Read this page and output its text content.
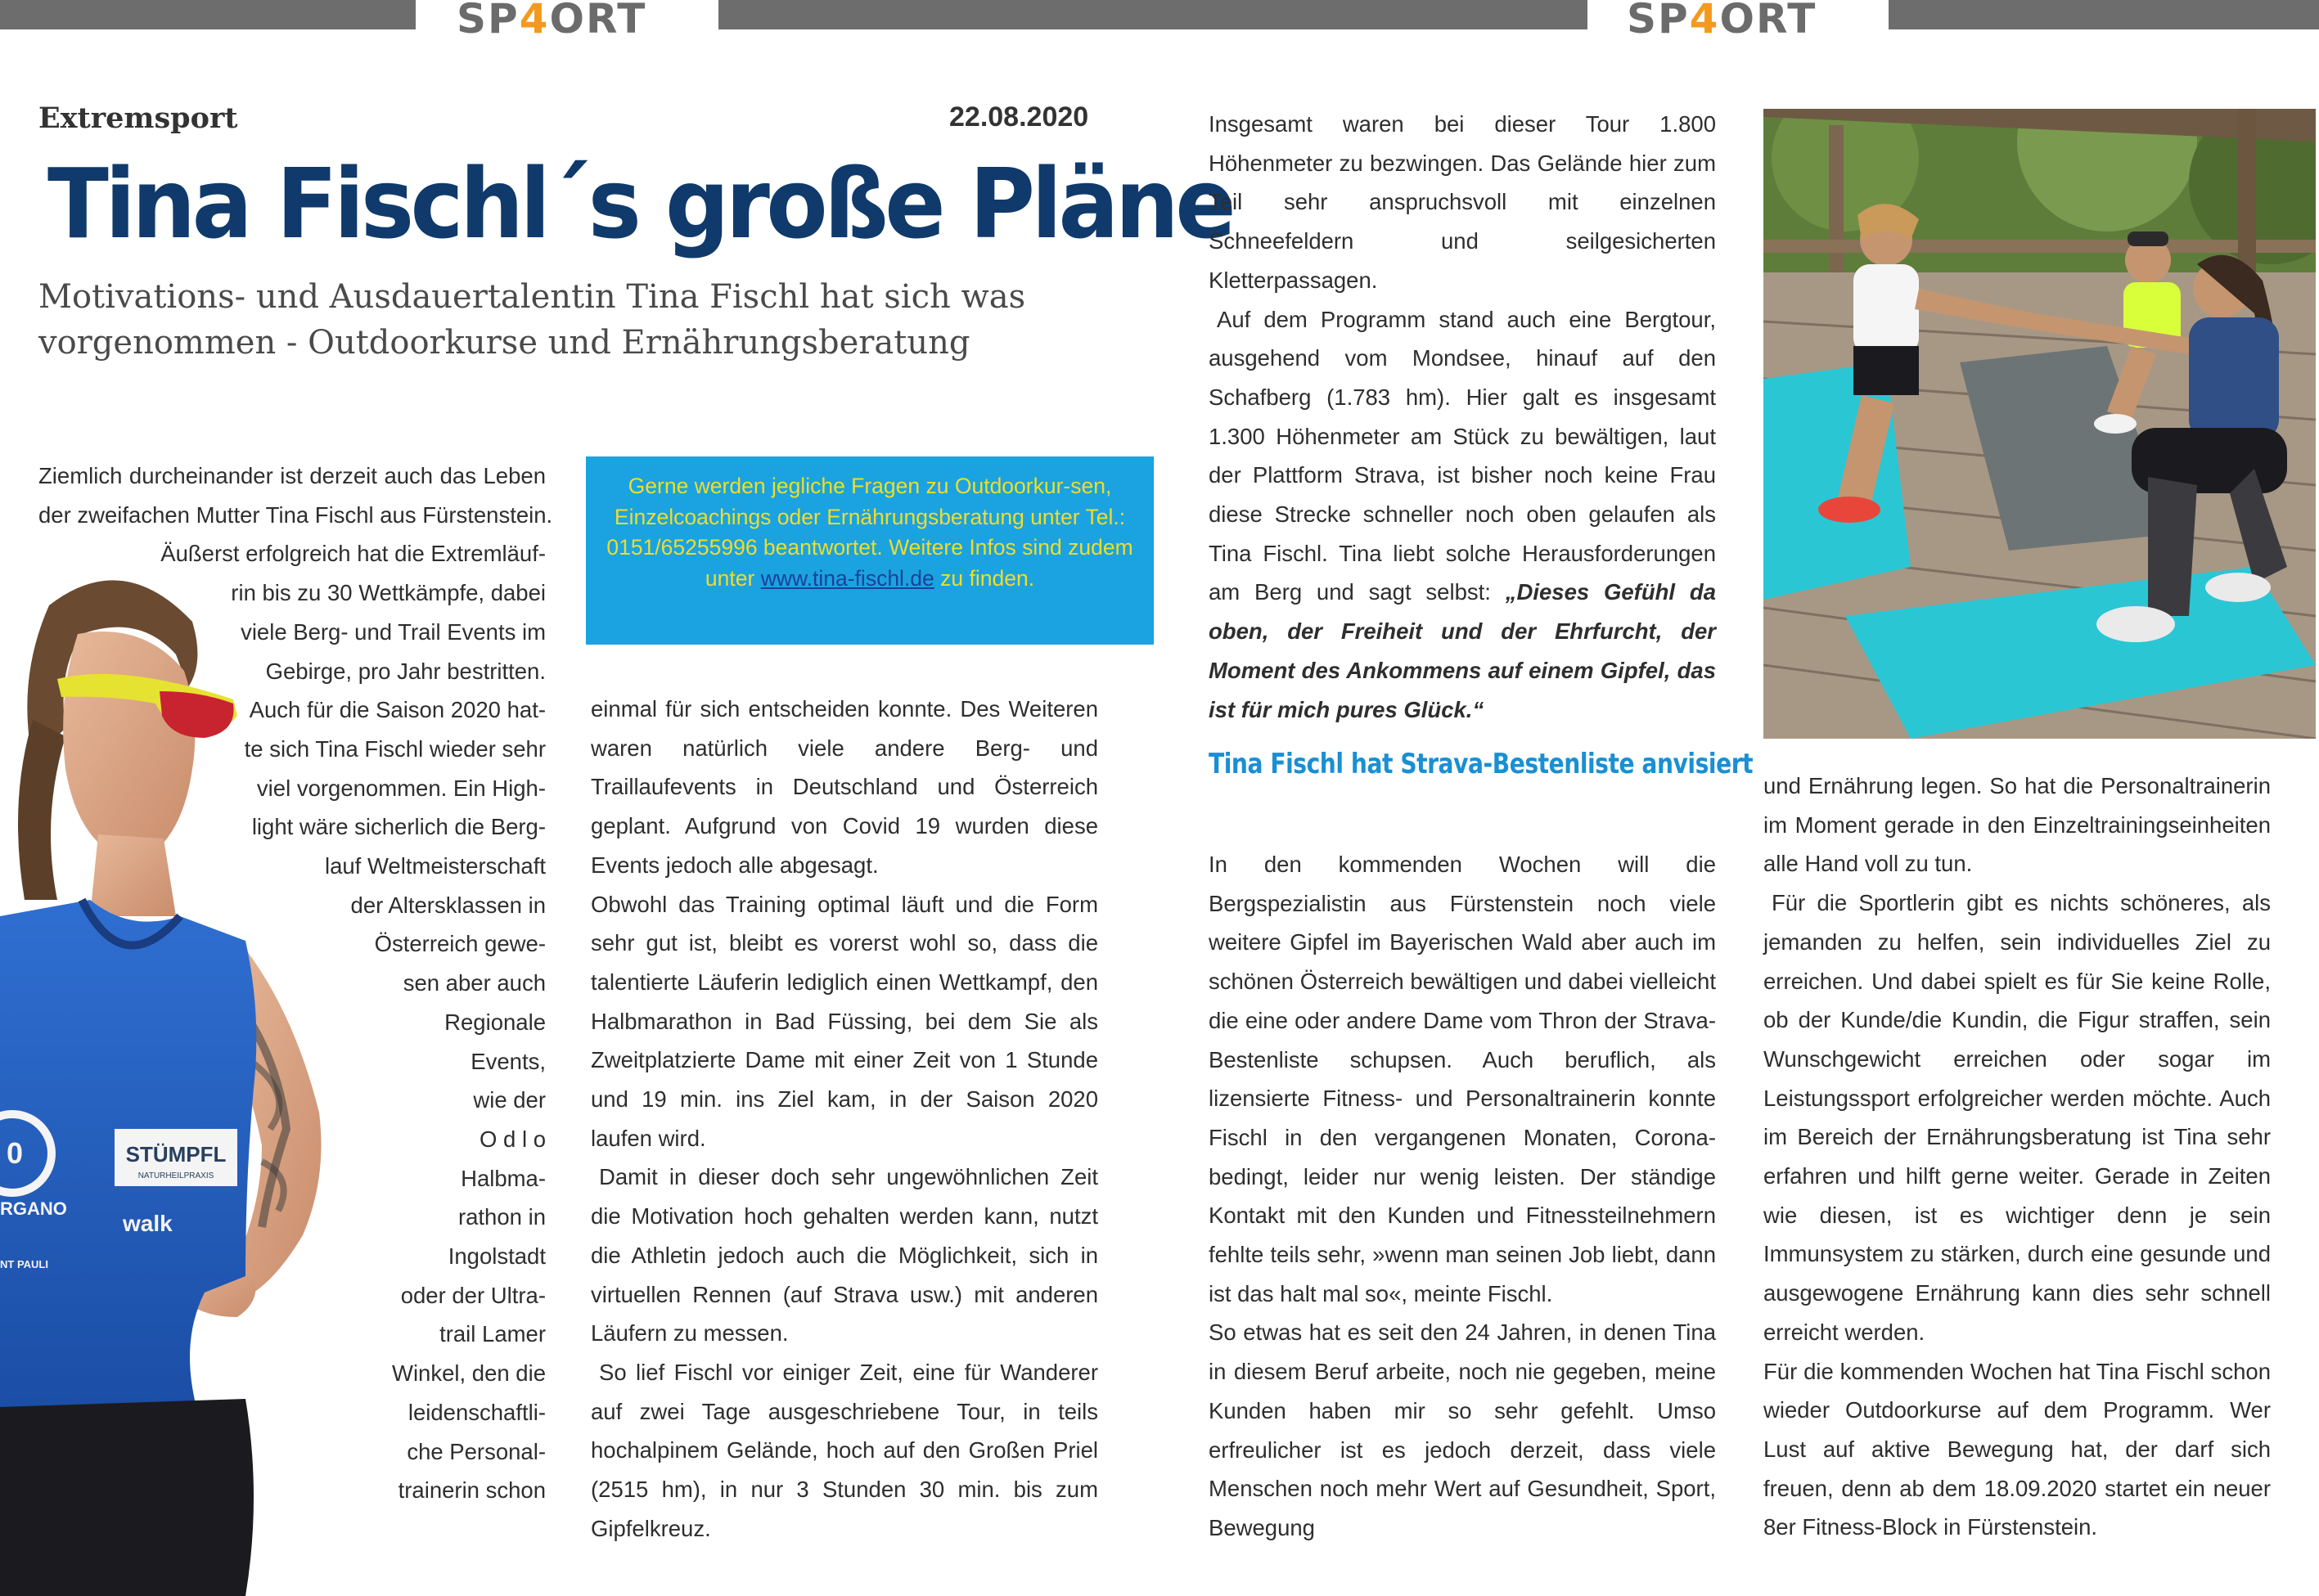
SP4ORT	SP4ORT
Extremsport	22.08.2020
Tina Fischl´s große Pläne
Motivations- und Ausdauertalentin Tina Fischl hat sich was vorgenommen - Outdoorkurse und Ernährungsberatung
STÜMPFL
NATURHEILPRAXIS
0
RGANO
walk
NT PAULI
Ziemlich durcheinander ist derzeit auch das Leben
der zweifachen Mutter Tina Fischl aus Fürstenstein.
Äußerst erfolgreich hat die Extremläuf-
rin bis zu 30 Wettkämpfe, dabei
viele Berg- und Trail Events im
Gebirge, pro Jahr bestritten.
Auch für die Saison 2020 hat-
te sich Tina Fischl wieder sehr
viel vorgenommen. Ein High-
light wäre sicherlich die Berg-
lauf Weltmeisterschaft
der Altersklassen in
Österreich gewe-
sen aber auch
Regionale
Events,
wie der
O d l o
Halbma-
rathon in
Ingolstadt
oder der Ultra-
trail Lamer
Winkel, den die
leidenschaftli-
che Personal-
trainerin schon
Gerne werden jegliche Fragen zu Outdoorkur-sen, Einzelcoachings oder Ernährungsberatung unter Tel.: 0151/65255996 beantwortet. Weitere Infos sind zudem
unter www.tina-fischl.de zu finden.

einmal für sich entscheiden konnte. Des Weiteren waren natürlich viele andere Berg- und Traillaufevents in Deutschland und Österreich geplant. Aufgrund von Covid 19 wurden diese Events jedoch alle abgesagt.

Obwohl das Training optimal läuft und die Form sehr gut ist, bleibt es vorerst wohl so, dass die talentierte Läuferin lediglich einen Wettkampf, den Halbmarathon in Bad Füssing, bei dem Sie als Zweitplatzierte Dame mit einer Zeit von 1 Stunde und 19 min. ins Ziel kam, in der Saison 2020 laufen wird.

Damit in dieser doch sehr ungewöhnlichen Zeit die Motivation hoch gehalten werden kann, nutzt die Athletin jedoch auch die Möglichkeit, sich in virtuellen Rennen (auf Strava usw.) mit anderen Läufern zu messen.

So lief Fischl vor einiger Zeit, eine für Wanderer auf zwei Tage ausgeschriebene Tour, in teils hochalpinem Gelände, hoch auf den Großen Priel (2515 hm), in nur 3 Stunden 30 min. bis zum Gipfelkreuz.

Insgesamt waren bei dieser Tour 1.800 Höhenmeter zu bezwingen. Das Gelände hier zum Teil sehr anspruchsvoll mit einzelnen Schneefeldern und seilgesicherten Kletterpassagen.

Auf dem Programm stand auch eine Bergtour, ausgehend vom Mondsee, hinauf auf den Schafberg (1.783 hm). Hier galt es insgesamt 1.300 Höhenmeter am Stück zu bewältigen, laut der Plattform Strava, ist bisher noch keine Frau diese Strecke schneller noch oben gelaufen als Tina Fischl. Tina liebt solche Herausforderungen am Berg und sagt selbst: „Dieses Gefühl da oben, der Freiheit und der Ehrfurcht, der Moment des Ankommens auf einem Gipfel, das ist für mich pures Glück.“

Tina Fischl hat Strava-Bestenliste anvisiert

In den kommenden Wochen will die Bergspezialistin aus Fürstenstein noch viele weitere Gipfel im Bayerischen Wald aber auch im schönen Österreich bewältigen und dabei vielleicht die eine oder andere Dame vom Thron der Strava-Bestenliste schupsen. Auch beruflich, als lizensierte Fitness- und Personaltrainerin konnte Fischl in den vergangenen Monaten, Corona-bedingt, leider nur wenig leisten. Der ständige Kontakt mit den Kunden und Fitnessteilnehmern fehlte teils sehr, »wenn man seinen Job liebt, dann ist das halt mal so«, meinte Fischl.

So etwas hat es seit den 24 Jahren, in denen Tina in diesem Beruf arbeite, noch nie gegeben, meine Kunden haben mir so sehr gefehlt. Umso erfreulicher ist es jedoch derzeit, dass viele Menschen noch mehr Wert auf Gesundheit, Sport, Bewegung

und Ernährung legen. So hat die Personaltrainerin im Moment gerade in den Einzeltrainingseinheiten alle Hand voll zu tun.

Für die Sportlerin gibt es nichts schöneres, als jemanden zu helfen, sein individuelles Ziel zu erreichen. Und dabei spielt es für Sie keine Rolle, ob der Kunde/die Kundin, die Figur straffen, sein Wunschgewicht erreichen oder sogar im Leistungssport erfolgreicher werden möchte. Auch im Bereich der Ernährungsberatung ist Tina sehr erfahren und hilft gerne weiter. Gerade in Zeiten wie diesen, ist es wichtiger denn je sein Immunsystem zu stärken, durch eine gesunde und ausgewogene Ernährung kann dies sehr schnell erreicht werden.

Für die kommenden Wochen hat Tina Fischl schon wieder Outdoorkurse auf dem Programm. Wer Lust auf aktive Bewegung hat, der darf sich freuen, denn ab dem 18.09.2020 startet ein neuer 8er Fitness-Block in Fürstenstein.
